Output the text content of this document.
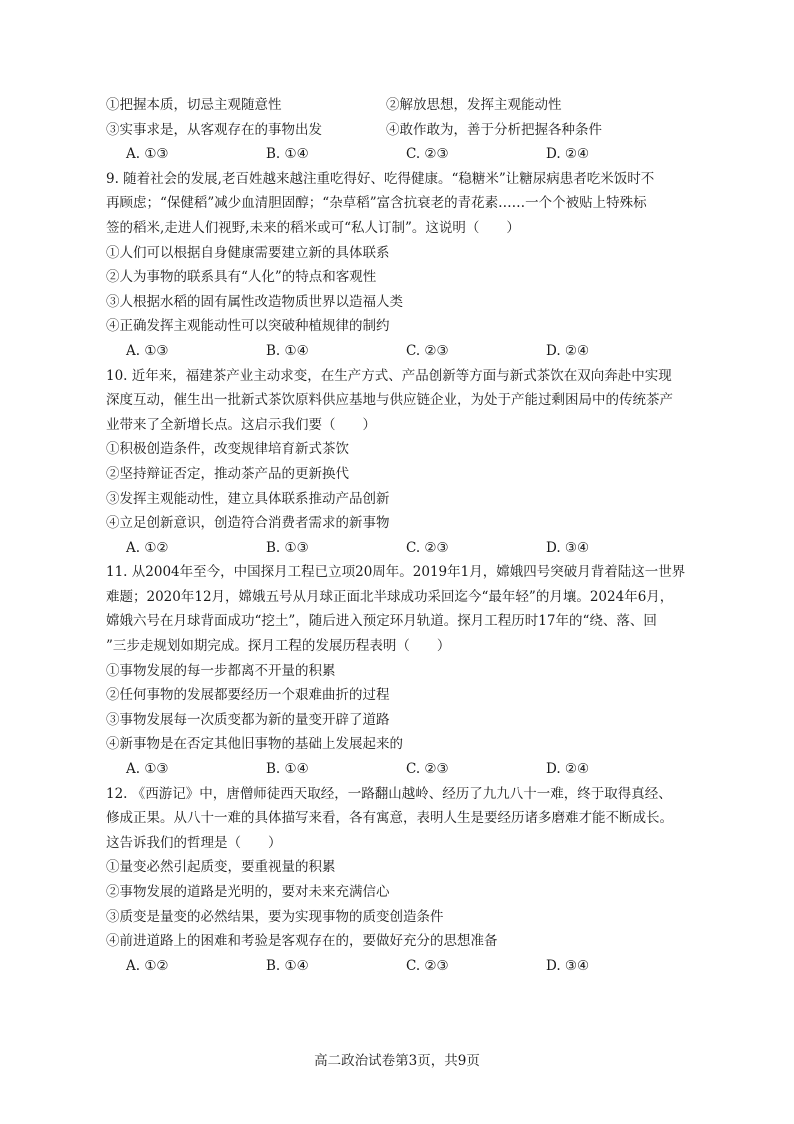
①把握本质，切忌主观随意性	②解放思想，发挥主观能动性
③实事求是，从客观存在的事物出发	④敢作敢为，善于分析把握各种条件
A. ①③	B. ①④	C. ②③	D. ②④
9. 随着社会的发展,老百姓越来越注重吃得好、吃得健康。“稳糖米”让糖尿病患者吃米饭时不
再顾虑；“保健稻”减少血清胆固醇；“杂草稻”富含抗衰老的青花素……一个个被贴上特殊标
签的稻米,走进人们视野,未来的稻米或可“私人订制”。这说明（　　）
①人们可以根据自身健康需要建立新的具体联系
②人为事物的联系具有“人化”的特点和客观性
③人根据水稻的固有属性改造物质世界以造福人类
④正确发挥主观能动性可以突破种植规律的制约
A. ①③	B. ①④	C. ②③	D. ②④
10. 近年来，福建茶产业主动求变，在生产方式、产品创新等方面与新式茶饮在双向奔赴中实现
深度互动，催生出一批新式茶饮原料供应基地与供应链企业，为处于产能过剩困局中的传统茶产
业带来了全新增长点。这启示我们要（　　）
①积极创造条件，改变规律培育新式茶饮
②坚持辩证否定，推动茶产品的更新换代
③发挥主观能动性，建立具体联系推动产品创新
④立足创新意识，创造符合消费者需求的新事物
A. ①②	B. ①③	C. ②③	D. ③④
11. 从2004年至今，中国探月工程已立项20周年。2019年1月，嫦娥四号突破月背着陆这一世界
难题；2020年12月，嫦娥五号从月球正面北半球成功采回迄今“最年轻”的月壤。2024年6月，
嫦娥六号在月球背面成功“挖土”，随后进入预定环月轨道。探月工程历时17年的“绕、落、回
”三步走规划如期完成。探月工程的发展历程表明（　　）
①事物发展的每一步都离不开量的积累
②任何事物的发展都要经历一个艰难曲折的过程
③事物发展每一次质变都为新的量变开辟了道路
④新事物是在否定其他旧事物的基础上发展起来的
A. ①③	B. ①④	C. ②③	D. ②④
12. 《西游记》中，唐僧师徒西天取经，一路翻山越岭、经历了九九八十一难，终于取得真经、
修成正果。从八十一难的具体描写来看，各有寓意，表明人生是要经历诸多磨难才能不断成长。
这告诉我们的哲理是（　　）
①量变必然引起质变，要重视量的积累
②事物发展的道路是光明的，要对未来充满信心
③质变是量变的必然结果，要为实现事物的质变创造条件
④前进道路上的困难和考验是客观存在的，要做好充分的思想准备
A. ①②	B. ①④	C. ②③	D. ③④
高二政治试卷第3页，共9页
